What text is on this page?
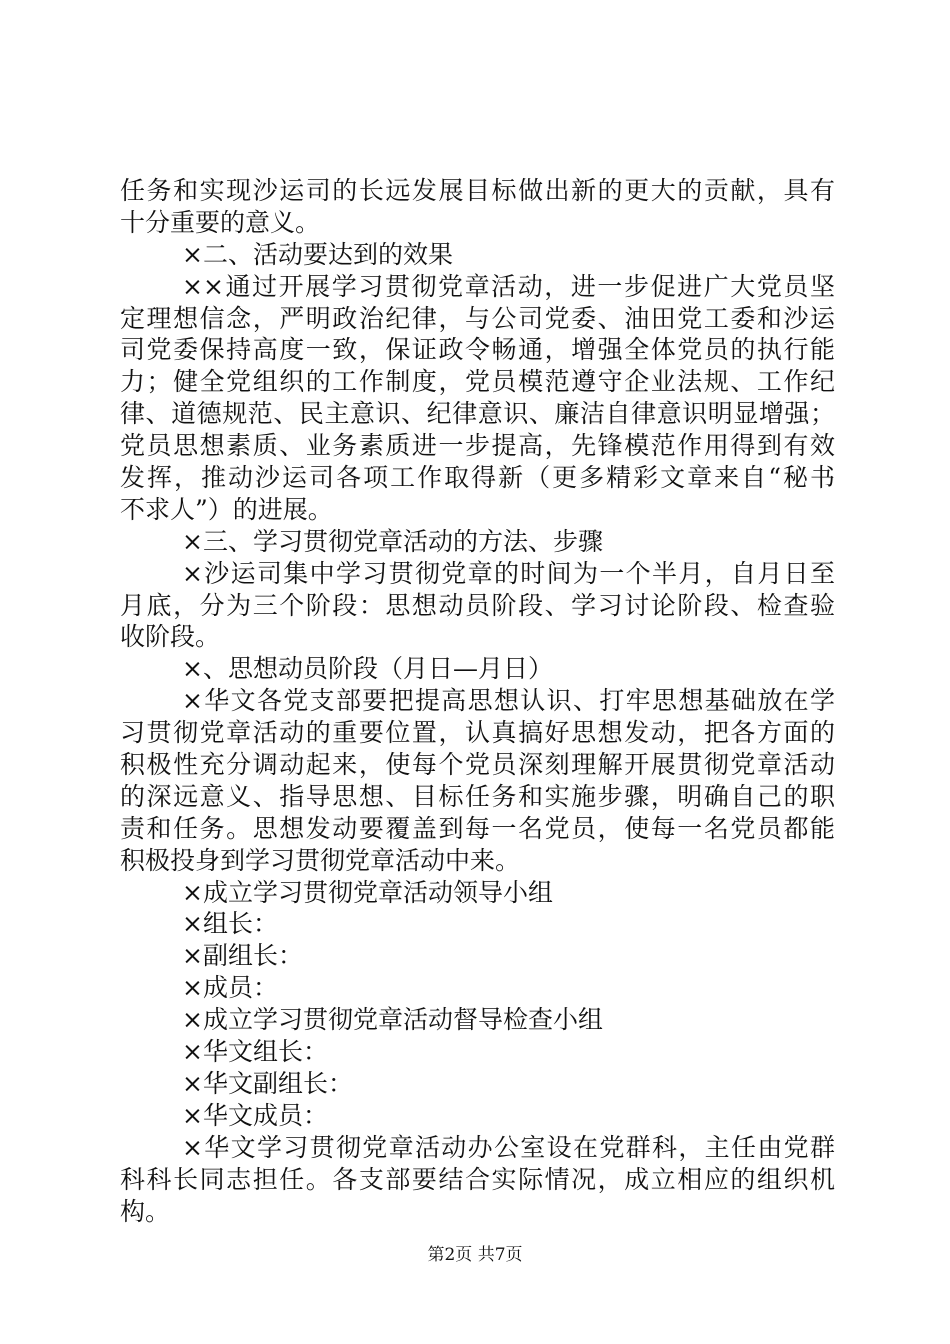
任务和实现沙运司的长远发展目标做出新的更大的贡献，具有
十分重要的意义。
×二、活动要达到的效果
××通过开展学习贯彻党章活动，进一步促进广大党员坚
定理想信念，严明政治纪律，与公司党委、油田党工委和沙运
司党委保持高度一致，保证政令畅通，增强全体党员的执行能
力；健全党组织的工作制度，党员模范遵守企业法规、工作纪
律、道德规范、民主意识、纪律意识、廉洁自律意识明显增强；
党员思想素质、业务素质进一步提高，先锋模范作用得到有效
发挥，推动沙运司各项工作取得新（更多精彩文章来自“秘书
不求人”）的进展。
×三、学习贯彻党章活动的方法、步骤
×沙运司集中学习贯彻党章的时间为一个半月，自月日至
月底，分为三个阶段：思想动员阶段、学习讨论阶段、检查验
收阶段。
×、思想动员阶段（月日—月日）
×华文各党支部要把提高思想认识、打牢思想基础放在学
习贯彻党章活动的重要位置，认真搞好思想发动，把各方面的
积极性充分调动起来，使每个党员深刻理解开展贯彻党章活动
的深远意义、指导思想、目标任务和实施步骤，明确自己的职
责和任务。思想发动要覆盖到每一名党员，使每一名党员都能
积极投身到学习贯彻党章活动中来。
×成立学习贯彻党章活动领导小组
×组长：
×副组长：
×成员：
×成立学习贯彻党章活动督导检查小组
×华文组长：
×华文副组长：
×华文成员：
×华文学习贯彻党章活动办公室设在党群科，主任由党群
科科长同志担任。各支部要结合实际情况，成立相应的组织机
构。
第2页 共7页
